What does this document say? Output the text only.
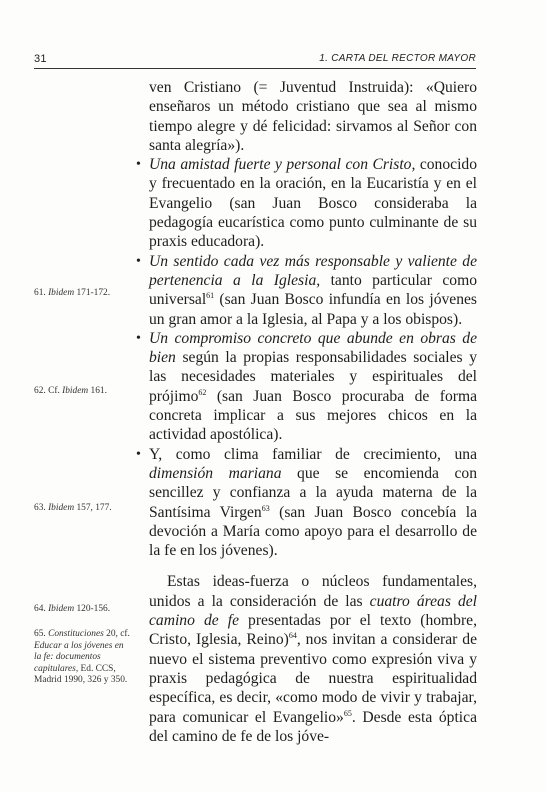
31	1. CARTA DEL RECTOR MAYOR

ven Cristiano (= Juventud Instruida): «Quiero enseñaros un método cristiano que sea al mismo tiempo alegre y dé felicidad: sirvamos al Señor con santa alegría»).

• Una amistad fuerte y personal con Cristo, conocido y frecuentado en la oración, en la Eucaristía y en el Evangelio (san Juan Bosco consideraba la pedagogía eucarística como punto culminante de su praxis educadora).
• Un sentido cada vez más responsable y valiente de pertenencia a la Iglesia, tanto particular como universal$^{61}$ (san Juan Bosco infundía en los jóvenes un gran amor a la Iglesia, al Papa y a los obispos).
• Un compromiso concreto que abunde en obras de bien según la propias responsabilidades sociales y las necesidades materiales y espirituales del prójimo$^{62}$ (san Juan Bosco procuraba de forma concreta implicar a sus mejores chicos en la actividad apostólica).
• Y, como clima familiar de crecimiento, una dimensión mariana que se encomienda con sencillez y confianza a la ayuda materna de la Santísima Virgen$^{63}$ (san Juan Bosco concebía la devoción a María como apoyo para el desarrollo de la fe en los jóvenes).

Estas ideas-fuerza o núcleos fundamentales, unidos a la consideración de las cuatro áreas del camino de fe presentadas por el texto (hombre, Cristo, Iglesia, Reino)$^{64}$, nos invitan a considerar de nuevo el sistema preventivo como expresión viva y praxis pedagógica de nuestra espiritualidad específica, es decir, «como modo de vivir y trabajar, para comunicar el Evangelio»$^{65}$. Desde esta óptica del camino de fe de los jóve-

61. Ibidem 171-172.
62. Cf. Ibidem 161.
63. Ibidem 157, 177.
64. Ibidem 120-156.
65. Constituciones 20, cf. Educar a los jóvenes en la fe: documentos capitulares, Ed. CCS, Madrid 1990, 326 y 350.
